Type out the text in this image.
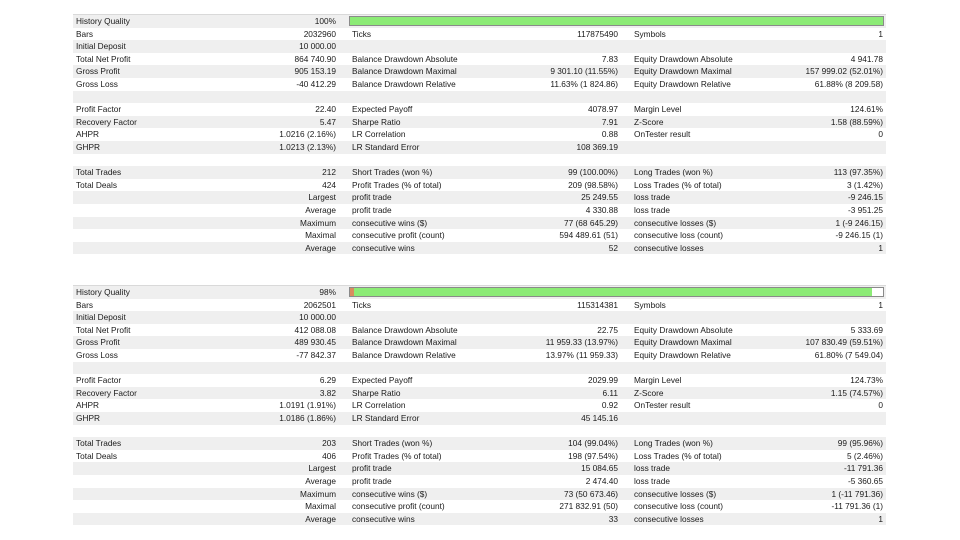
History Quality	100%
Bars	2032960	Ticks	117875490	Symbols	1
Initial Deposit	10 000.00
Total Net Profit	864 740.90	Balance Drawdown Absolute	7.83	Equity Drawdown Absolute	4 941.78
Gross Profit	905 153.19	Balance Drawdown Maximal	9 301.10 (11.55%)	Equity Drawdown Maximal	157 999.02 (52.01%)
Gross Loss	-40 412.29	Balance Drawdown Relative	11.63% (1 824.86)	Equity Drawdown Relative	61.88% (8 209.58)
Profit Factor	22.40	Expected Payoff	4078.97	Margin Level	124.61%
Recovery Factor	5.47	Sharpe Ratio	7.91	Z-Score	1.58 (88.59%)
AHPR	1.0216 (2.16%)	LR Correlation	0.88	OnTester result	0
GHPR	1.0213 (2.13%)	LR Standard Error	108 369.19
Total Trades	212	Short Trades (won %)	99 (100.00%)	Long Trades (won %)	113 (97.35%)
Total Deals	424	Profit Trades (% of total)	209 (98.58%)	Loss Trades (% of total)	3 (1.42%)
Largest	profit trade	25 249.55	loss trade	-9 246.15
Average	profit trade	4 330.88	loss trade	-3 951.25
Maximum	consecutive wins ($)	77 (68 645.29)	consecutive losses ($)	1 (-9 246.15)
Maximal	consecutive profit (count)	594 489.61 (51)	consecutive loss (count)	-9 246.15 (1)
Average	consecutive wins	52	consecutive losses	1
History Quality	98%
Bars	2062501	Ticks	115314381	Symbols	1
Initial Deposit	10 000.00
Total Net Profit	412 088.08	Balance Drawdown Absolute	22.75	Equity Drawdown Absolute	5 333.69
Gross Profit	489 930.45	Balance Drawdown Maximal	11 959.33 (13.97%)	Equity Drawdown Maximal	107 830.49 (59.51%)
Gross Loss	-77 842.37	Balance Drawdown Relative	13.97% (11 959.33)	Equity Drawdown Relative	61.80% (7 549.04)
Profit Factor	6.29	Expected Payoff	2029.99	Margin Level	124.73%
Recovery Factor	3.82	Sharpe Ratio	6.11	Z-Score	1.15 (74.57%)
AHPR	1.0191 (1.91%)	LR Correlation	0.92	OnTester result	0
GHPR	1.0186 (1.86%)	LR Standard Error	45 145.16
Total Trades	203	Short Trades (won %)	104 (99.04%)	Long Trades (won %)	99 (95.96%)
Total Deals	406	Profit Trades (% of total)	198 (97.54%)	Loss Trades (% of total)	5 (2.46%)
Largest	profit trade	15 084.65	loss trade	-11 791.36
Average	profit trade	2 474.40	loss trade	-5 360.65
Maximum	consecutive wins ($)	73 (50 673.46)	consecutive losses ($)	1 (-11 791.36)
Maximal	consecutive profit (count)	271 832.91 (50)	consecutive loss (count)	-11 791.36 (1)
Average	consecutive wins	33	consecutive losses	1
